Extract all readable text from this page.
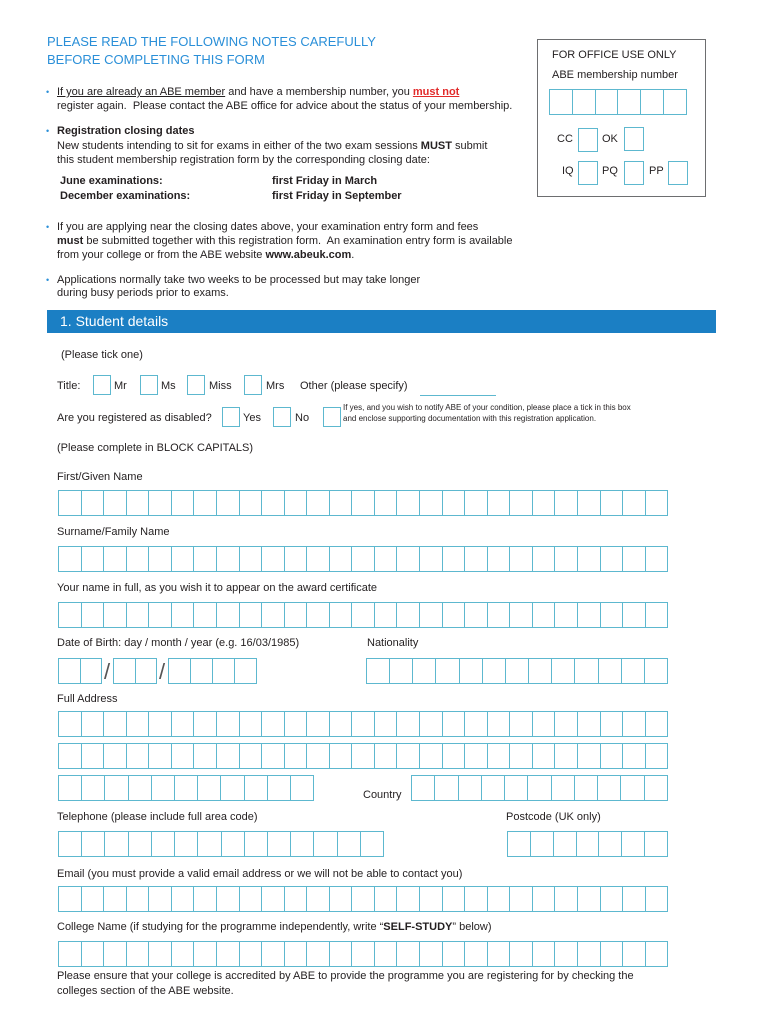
PLEASE READ THE FOLLOWING NOTES CAREFULLY
BEFORE COMPLETING THIS FORM
• If you are already an ABE member and have a membership number, you must not
register again.  Please contact the ABE office for advice about the status of your membership.
• Registration closing dates
New students intending to sit for exams in either of the two exam sessions MUST submit
this student membership registration form by the corresponding closing date:
June examinations:	first Friday in March
December examinations:	first Friday in September
• If you are applying near the closing dates above, your examination entry form and fees
must be submitted together with this registration form.  An examination entry form is available
from your college or from the ABE website www.abeuk.com.
• Applications normally take two weeks to be processed but may take longer
during busy periods prior to exams.
FOR OFFICE USE ONLY
ABE membership number
CC	OK
IQ	PQ	PP
1. Student details
(Please tick one)
Title:	Mr	Ms	Miss	Mrs Other (please specify)
Are you registered as disabled?	Yes	No
If yes, and you wish to notify ABE of your condition, please place a tick in this box
and enclose supporting documentation with this registration application.
(Please complete in BLOCK CAPITALS)
First/Given Name
Surname/Family Name
Your name in full, as you wish it to appear on the award certificate
Date of Birth: day / month / year (e.g. 16/03/1985)	Nationality
/ /
Full Address
Country
Telephone (please include full area code)	Postcode (UK only)
Email (you must provide a valid email address or we will not be able to contact you)
College Name (if studying for the programme independently, write “SELF-STUDY” below)
Please ensure that your college is accredited by ABE to provide the programme you are registering for by checking the
colleges section of the ABE website.
